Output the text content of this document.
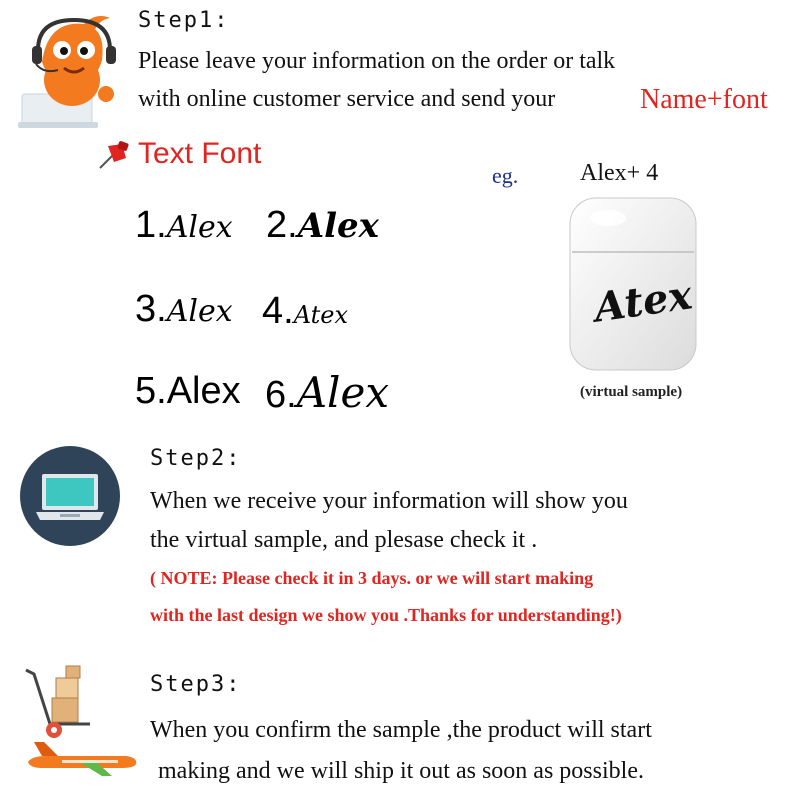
Step1:
Please leave your information on the order or talk
with online customer service and send your	Name+font
Text Font
1.Alex 2.Alex
3.Alex 4.Atex
5.Alex 6.Alex
eg.	Alex+ 4
Atex
(virtual sample)
Step2:
When we receive your information will show you
the virtual sample, and plesase check it .
( NOTE: Please check it in 3 days. or we will start making
with the last design we show you .Thanks for understanding!)
Step3:
When you confirm the sample ,the product will start
making and we will ship it out as soon as possible.
